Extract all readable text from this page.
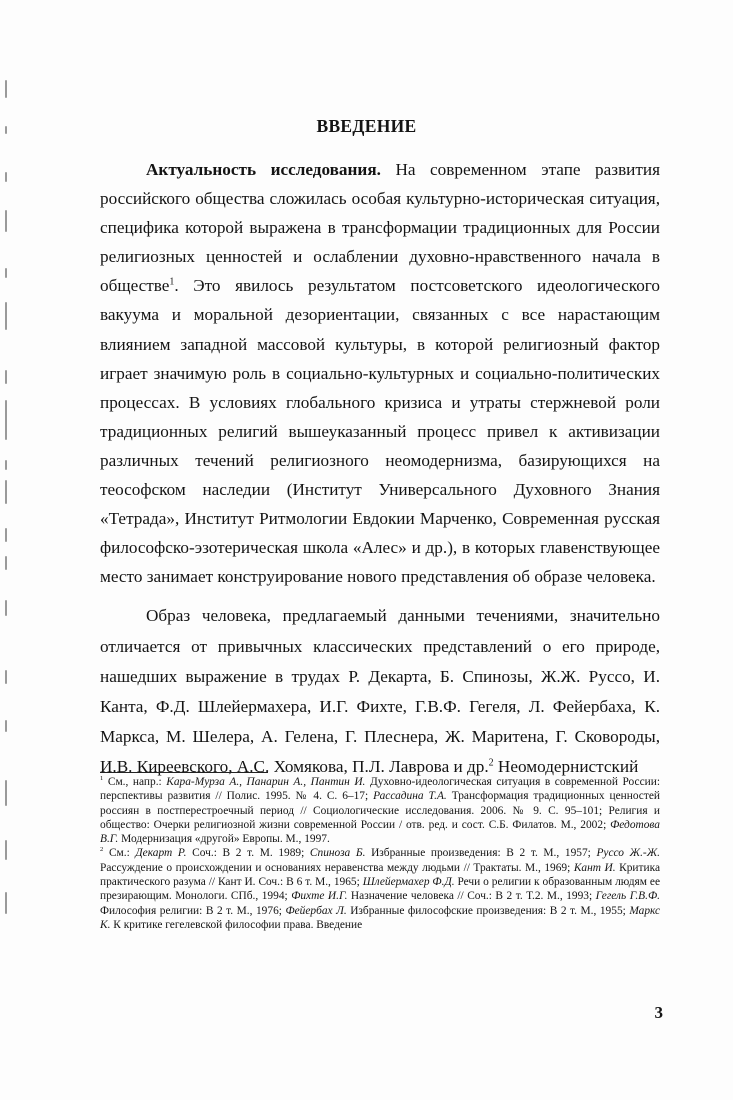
ВВЕДЕНИЕ

Актуальность исследования. На современном этапе развития российского общества сложилась особая культурно-историческая ситуация, специфика которой выражена в трансформации традиционных для России религиозных ценностей и ослаблении духовно-нравственного начала в обществе$^1$. Это явилось результатом постсоветского идеологического вакуума и моральной дезориентации, связанных с все нарастающим влиянием западной массовой культуры, в которой религиозный фактор играет значимую роль в социально-культурных и социально-политических процессах. В условиях глобального кризиса и утраты стержневой роли традиционных религий вышеуказанный процесс привел к активизации различных течений религиозного неомодернизма, базирующихся на теософском наследии (Институт Универсального Духовного Знания «Тетрада», Институт Ритмологии Евдокии Марченко, Современная русская философско-эзотерическая школа «Алес» и др.), в которых главенствующее место занимает конструирование нового представления об образе человека.

Образ человека, предлагаемый данными течениями, значительно отличается от привычных классических представлений о его природе, нашедших выражение в трудах Р. Декарта, Б. Спинозы, Ж.Ж. Руссо, И. Канта, Ф.Д. Шлейермахера, И.Г. Фихте, Г.В.Ф. Гегеля, Л. Фейербаха, К. Маркса, М. Шелера, А. Гелена, Г. Плеснера, Ж. Маритена, Г. Сковороды, И.В. Киреевского, А.С. Хомякова, П.Л. Лаврова и др.$^2$ Неомодернистский

$^1$ См., напр.: Кара-Мурза А., Панарин А., Пантин И. Духовно-идеологическая ситуация в современной России: перспективы развития // Полис. 1995. № 4. С. 6–17; Рассадина Т.А. Трансформация традиционных ценностей россиян в постперестроечный период // Социологические исследования. 2006. № 9. С. 95–101; Религия и общество: Очерки религиозной жизни современной России / отв. ред. и сост. С.Б. Филатов. М., 2002; Федотова В.Г. Модернизация «другой» Европы. М., 1997.

$^2$ См.: Декарт Р. Соч.: В 2 т. М. 1989; Спиноза Б. Избранные произведения: В 2 т. М., 1957; Руссо Ж.-Ж. Рассуждение о происхождении и основаниях неравенства между людьми // Трактаты. М., 1969; Кант И. Критика практического разума // Кант И. Соч.: В 6 т. М., 1965; Шлейермахер Ф.Д. Речи о религии к образованным людям ее презирающим. Монологи. СПб., 1994; Фихте И.Г. Назначение человека // Соч.: В 2 т. Т.2. М., 1993; Гегель Г.В.Ф. Философия религии: В 2 т. М., 1976; Фейербах Л. Избранные философские произведения: В 2 т. М., 1955; Маркс К. К критике гегелевской философии права. Введение

3
